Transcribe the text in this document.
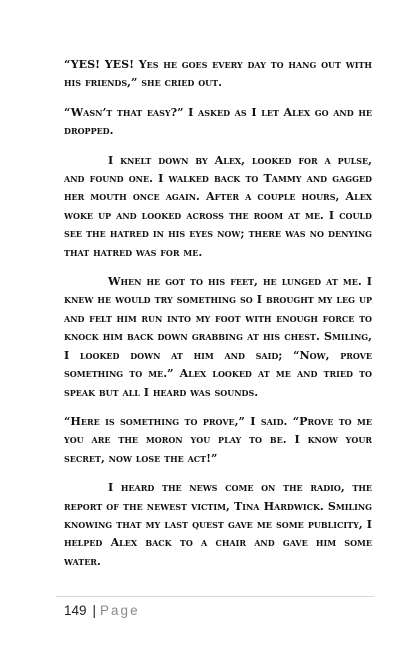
“YES! YES! Yes he goes every day to hang out with his friends,” she cried out.

“Wasn’t that easy?” I asked as I let Alex go and he dropped.

I knelt down by Alex, looked for a pulse, and found one. I walked back to Tammy and gagged her mouth once again. After a couple hours, Alex woke up and looked across the room at me. I could see the hatred in his eyes now; there was no denying that hatred was for me.

When he got to his feet, he lunged at me. I knew he would try something so I brought my leg up and felt him run into my foot with enough force to knock him back down grabbing at his chest. Smiling, I looked down at him and said; “Now, prove something to me.” Alex looked at me and tried to speak but all I heard was sounds.

“Here is something to prove,” I said. “Prove to me you are the moron you play to be. I know your secret, now lose the act!”

I heard the news come on the radio, the report of the newest victim, Tina Hardwick. Smiling knowing that my last quest gave me some publicity, I helped Alex back to a chair and gave him some water.

149 | Page
